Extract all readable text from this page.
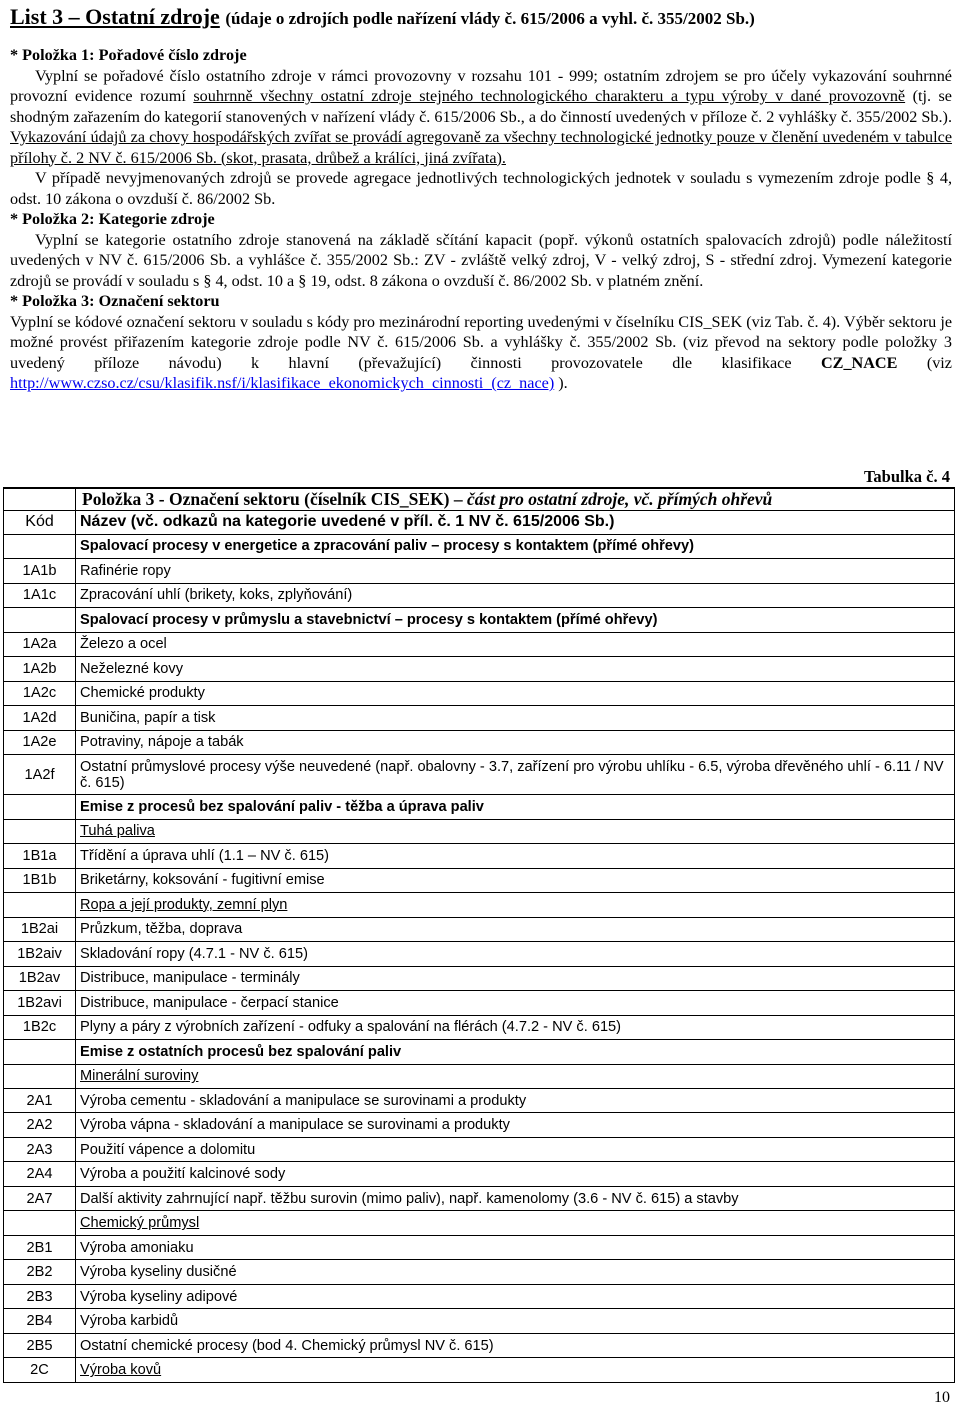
List 3 – Ostatní zdroje (údaje o zdrojích podle nařízení vlády č. 615/2006 a vyhl. č. 355/2002 Sb.)

* Položka 1: Pořadové číslo zdroje

Vyplní se pořadové číslo ostatního zdroje v rámci provozovny v rozsahu 101 - 999; ostatním zdrojem se pro účely vykazování souhrnné provozní evidence rozumí souhrnně všechny ostatní zdroje stejného technologického charakteru a typu výroby v dané provozovně (tj. se shodným zařazením do kategorií stanovených v nařízení vlády č. 615/2006 Sb., a do činností uvedených v příloze č. 2 vyhlášky č. 355/2002 Sb.). Vykazování údajů za chovy hospodářských zvířat se provádí agregovaně za všechny technologické jednotky pouze v členění uvedeném v tabulce přílohy č. 2 NV č. 615/2006 Sb. (skot, prasata, drůbež a králíci, jiná zvířata).

V případě nevyjmenovaných zdrojů se provede agregace jednotlivých technologických jednotek v souladu s vymezením zdroje podle § 4, odst. 10 zákona o ovzduší č. 86/2002 Sb.

* Položka 2: Kategorie zdroje

Vyplní se kategorie ostatního zdroje stanovená na základě sčítání kapacit (popř. výkonů ostatních spalovacích zdrojů) podle náležitostí uvedených v NV č. 615/2006 Sb. a vyhlášce č. 355/2002 Sb.: ZV - zvláště velký zdroj, V - velký zdroj, S - střední zdroj. Vymezení kategorie zdrojů se provádí v souladu s § 4, odst. 10 a § 19, odst. 8 zákona o ovzduší č. 86/2002 Sb. v platném znění.

* Položka 3: Označení sektoru

Vyplní se kódové označení sektoru v souladu s kódy pro mezinárodní reporting uvedenými v číselníku CIS_SEK (viz Tab. č. 4). Výběr sektoru je možné provést přiřazením kategorie zdroje podle NV č. 615/2006 Sb. a vyhlášky č. 355/2002 Sb. (viz převod na sektory podle položky 3 uvedený příloze návodu) k hlavní (převažující) činnosti provozovatele dle klasifikace CZ_NACE (viz http://www.czso.cz/csu/klasifik.nsf/i/klasifikace_ekonomickych_cinnosti_(cz_nace) ).

Tabulka č. 4
	Položka 3 - Označení sektoru (číselník CIS_SEK) – část pro ostatní zdroje, vč. přímých ohřevů
Kód	Název (vč. odkazů na kategorie uvedené v příl. č. 1 NV č. 615/2006 Sb.)
	Spalovací procesy v energetice a zpracování paliv – procesy s kontaktem (přímé ohřevy)
1A1b	Rafinérie ropy
1A1c	Zpracování uhlí (brikety, koks, zplyňování)
	Spalovací procesy v průmyslu a stavebnictví – procesy s kontaktem (přímé ohřevy)
1A2a	Železo a ocel
1A2b	Neželezné kovy
1A2c	Chemické produkty
1A2d	Buničina, papír a tisk
1A2e	Potraviny, nápoje a tabák
1A2f	Ostatní průmyslové procesy výše neuvedené (např. obalovny - 3.7, zařízení pro výrobu uhlíku - 6.5, výroba dřevěného uhlí - 6.11 / NV č. 615)
	Emise z procesů bez spalování paliv - těžba a úprava paliv
	Tuhá paliva
1B1a	Třídění a úprava uhlí (1.1 – NV č. 615)
1B1b	Briketárny, koksování - fugitivní emise
	Ropa a její produkty, zemní plyn
1B2ai	Průzkum, těžba, doprava
1B2aiv	Skladování ropy (4.7.1 - NV č. 615)
1B2av	Distribuce, manipulace - terminály
1B2avi	Distribuce, manipulace - čerpací stanice
1B2c	Plyny a páry z výrobních zařízení - odfuky a spalování na flérách (4.7.2 - NV č. 615)
	Emise z ostatních procesů bez spalování paliv
	Minerální suroviny
2A1	Výroba cementu - skladování a manipulace se surovinami a produkty
2A2	Výroba vápna - skladování a manipulace se surovinami a produkty
2A3	Použití vápence a dolomitu
2A4	Výroba a použití kalcinové sody
2A7	Další aktivity zahrnující např. těžbu surovin (mimo paliv), např. kamenolomy (3.6 - NV č. 615) a stavby
	Chemický průmysl
2B1	Výroba amoniaku
2B2	Výroba kyseliny dusičné
2B3	Výroba kyseliny adipové
2B4	Výroba karbidů
2B5	Ostatní chemické procesy (bod 4. Chemický průmysl NV č. 615)
2C	Výroba kovů
10
